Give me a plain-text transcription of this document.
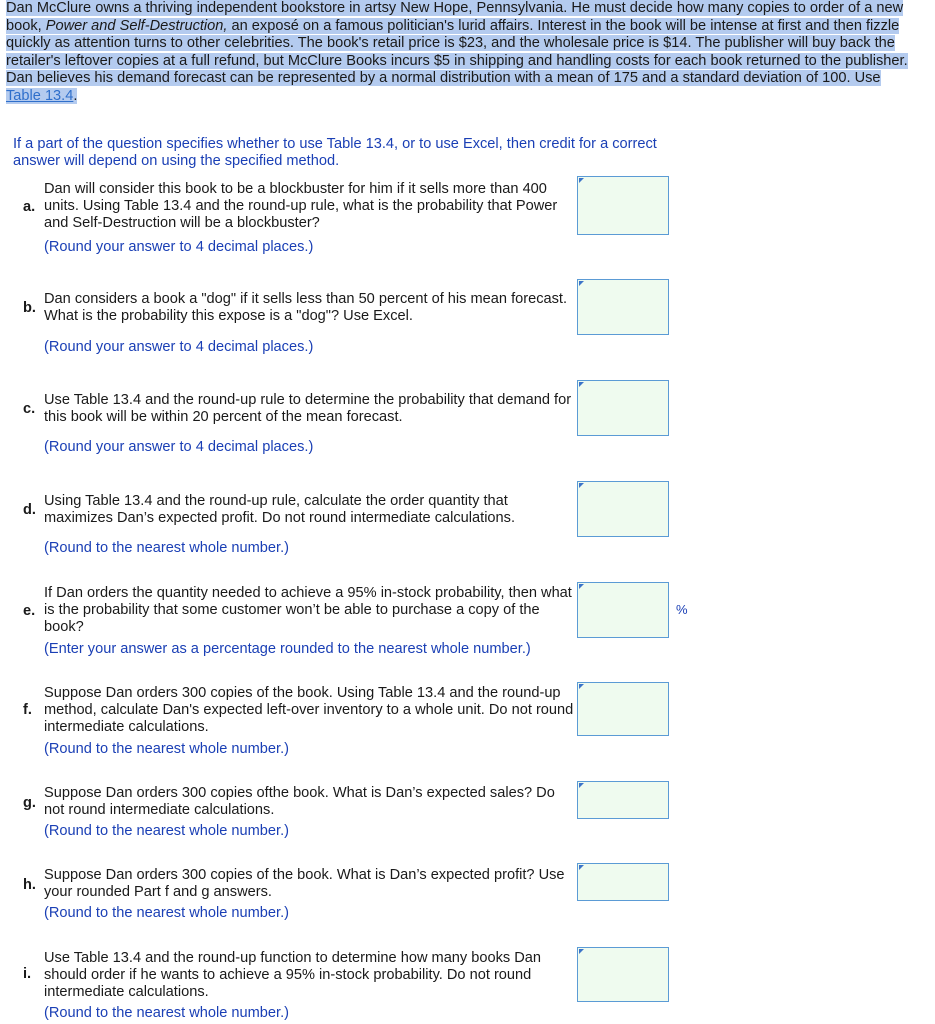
Dan McClure owns a thriving independent bookstore in artsy New Hope, Pennsylvania. He must decide how many copies to order of a new book, Power and Self-Destruction, an exposé on a famous politician's lurid affairs. Interest in the book will be intense at first and then fizzle quickly as attention turns to other celebrities. The book's retail price is $23, and the wholesale price is $14. The publisher will buy back the retailer's leftover copies at a full refund, but McClure Books incurs $5 in shipping and handling costs for each book returned to the publisher. Dan believes his demand forecast can be represented by a normal distribution with a mean of 175 and a standard deviation of 100. Use Table 13.4.
If a part of the question specifies whether to use Table 13.4, or to use Excel, then credit for a correct answer will depend on using the specified method.
a.
Dan will consider this book to be a blockbuster for him if it sells more than 400 units. Using Table 13.4 and the round-up rule, what is the probability that Power and Self-Destruction will be a blockbuster?
(Round your answer to 4 decimal places.)
b.
Dan considers a book a "dog" if it sells less than 50 percent of his mean forecast. What is the probability this expose is a "dog"? Use Excel.
(Round your answer to 4 decimal places.)
c.
Use Table 13.4 and the round-up rule to determine the probability that demand for this book will be within 20 percent of the mean forecast.
(Round your answer to 4 decimal places.)
d.
Using Table 13.4 and the round-up rule, calculate the order quantity that maximizes Dan’s expected profit. Do not round intermediate calculations.
(Round to the nearest whole number.)
e.
If Dan orders the quantity needed to achieve a 95% in-stock probability, then what is the probability that some customer won’t be able to purchase a copy of the book?
(Enter your answer as a percentage rounded to the nearest whole number.)
%
f.
Suppose Dan orders 300 copies of the book. Using Table 13.4 and the round-up method, calculate Dan's expected left-over inventory to a whole unit. Do not round intermediate calculations.
(Round to the nearest whole number.)
g.
Suppose Dan orders 300 copies ofthe book. What is Dan’s expected sales? Do not round intermediate calculations.
(Round to the nearest whole number.)
h.
Suppose Dan orders 300 copies of the book. What is Dan’s expected profit? Use your rounded Part f and g answers.
(Round to the nearest whole number.)
i.
Use Table 13.4 and the round-up function to determine how many books Dan should order if he wants to achieve a 95% in-stock probability. Do not round intermediate calculations.
(Round to the nearest whole number.)
